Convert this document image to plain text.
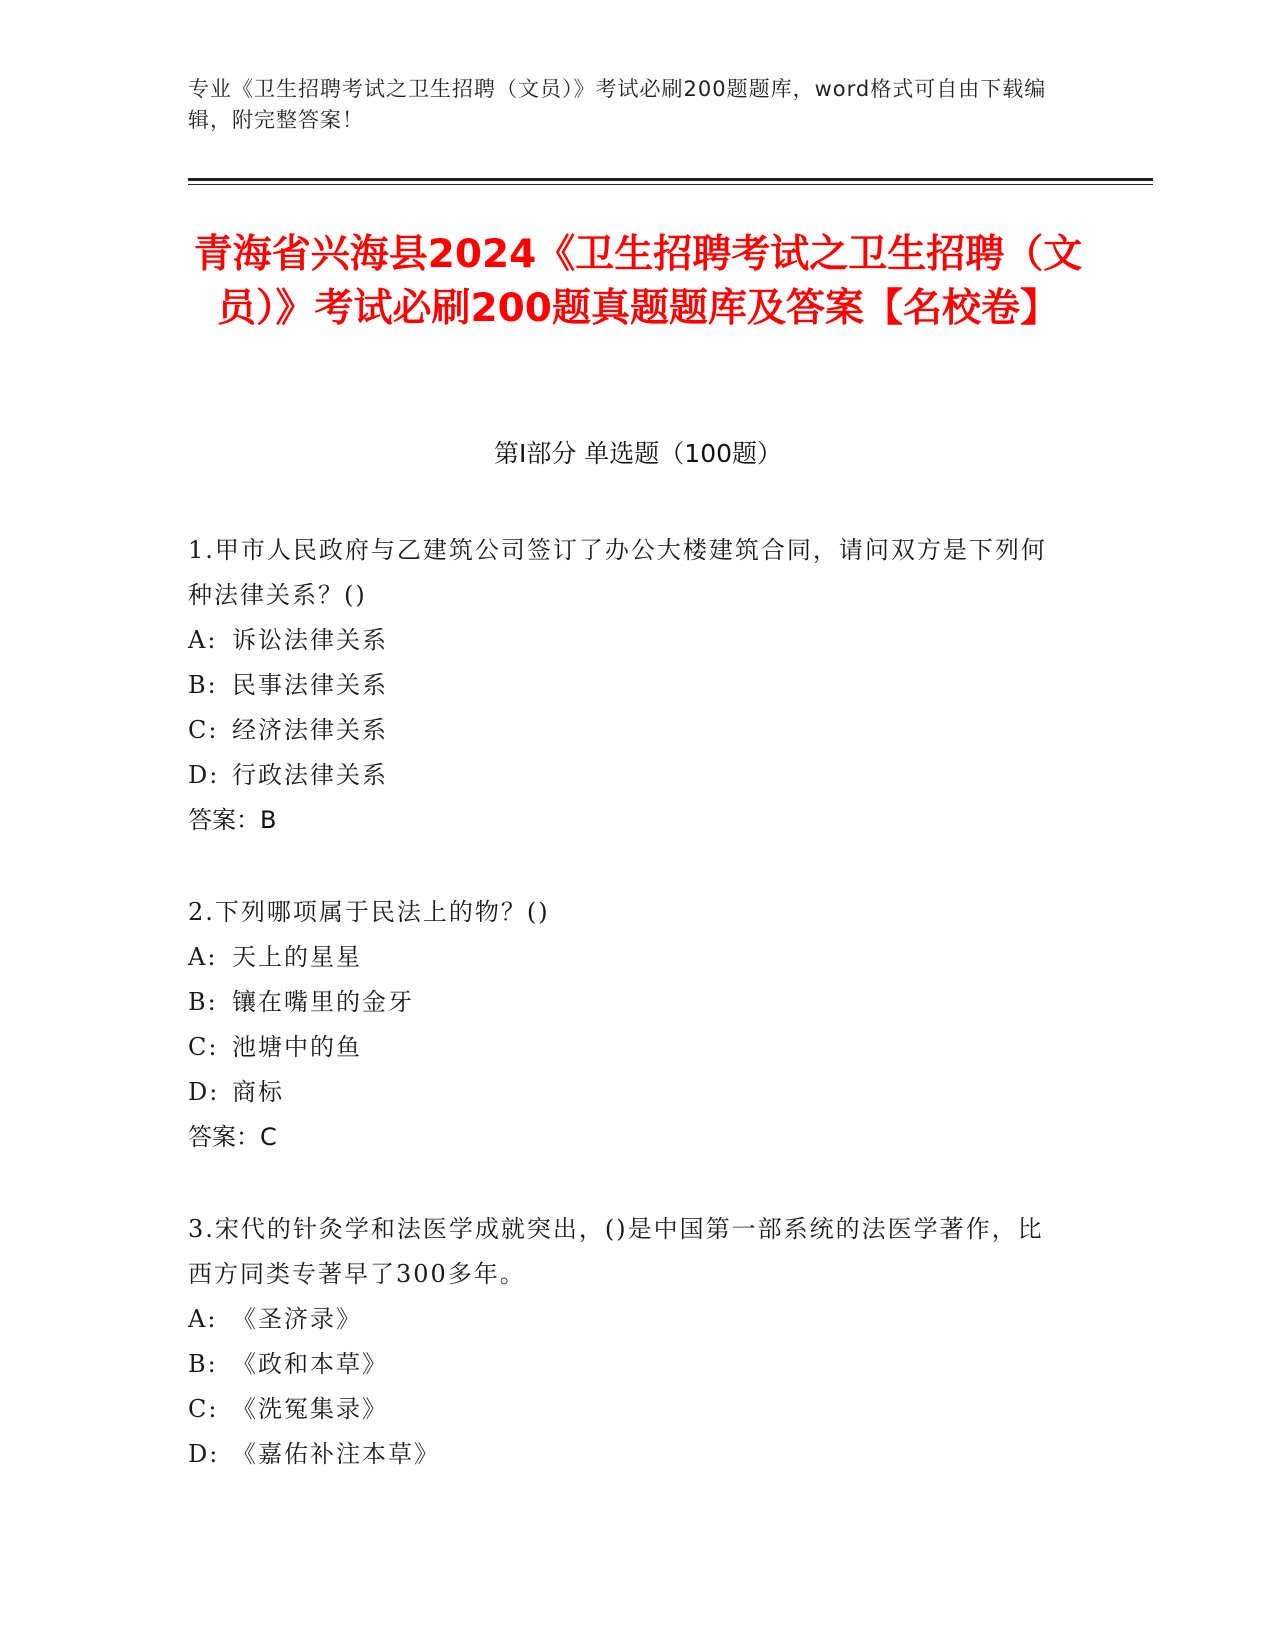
专业《卫生招聘考试之卫生招聘（文员）》考试必刷200题题库，word格式可自由下载编辑，附完整答案！
青海省兴海县2024《卫生招聘考试之卫生招聘（文员）》考试必刷200题真题题库及答案【名校卷】
第Ⅰ部分 单选题（100题）
1.甲市人民政府与乙建筑公司签订了办公大楼建筑合同，请问双方是下列何种法律关系？()
A: 诉讼法律关系
B: 民事法律关系
C: 经济法律关系
D: 行政法律关系
答案：B
2.下列哪项属于民法上的物？()
A: 天上的星星
B: 镶在嘴里的金牙
C: 池塘中的鱼
D: 商标
答案：C
3.宋代的针灸学和法医学成就突出，()是中国第一部系统的法医学著作，比西方同类专著早了300多年。
A: 《圣济录》
B: 《政和本草》
C: 《洗冤集录》
D: 《嘉佑补注本草》
